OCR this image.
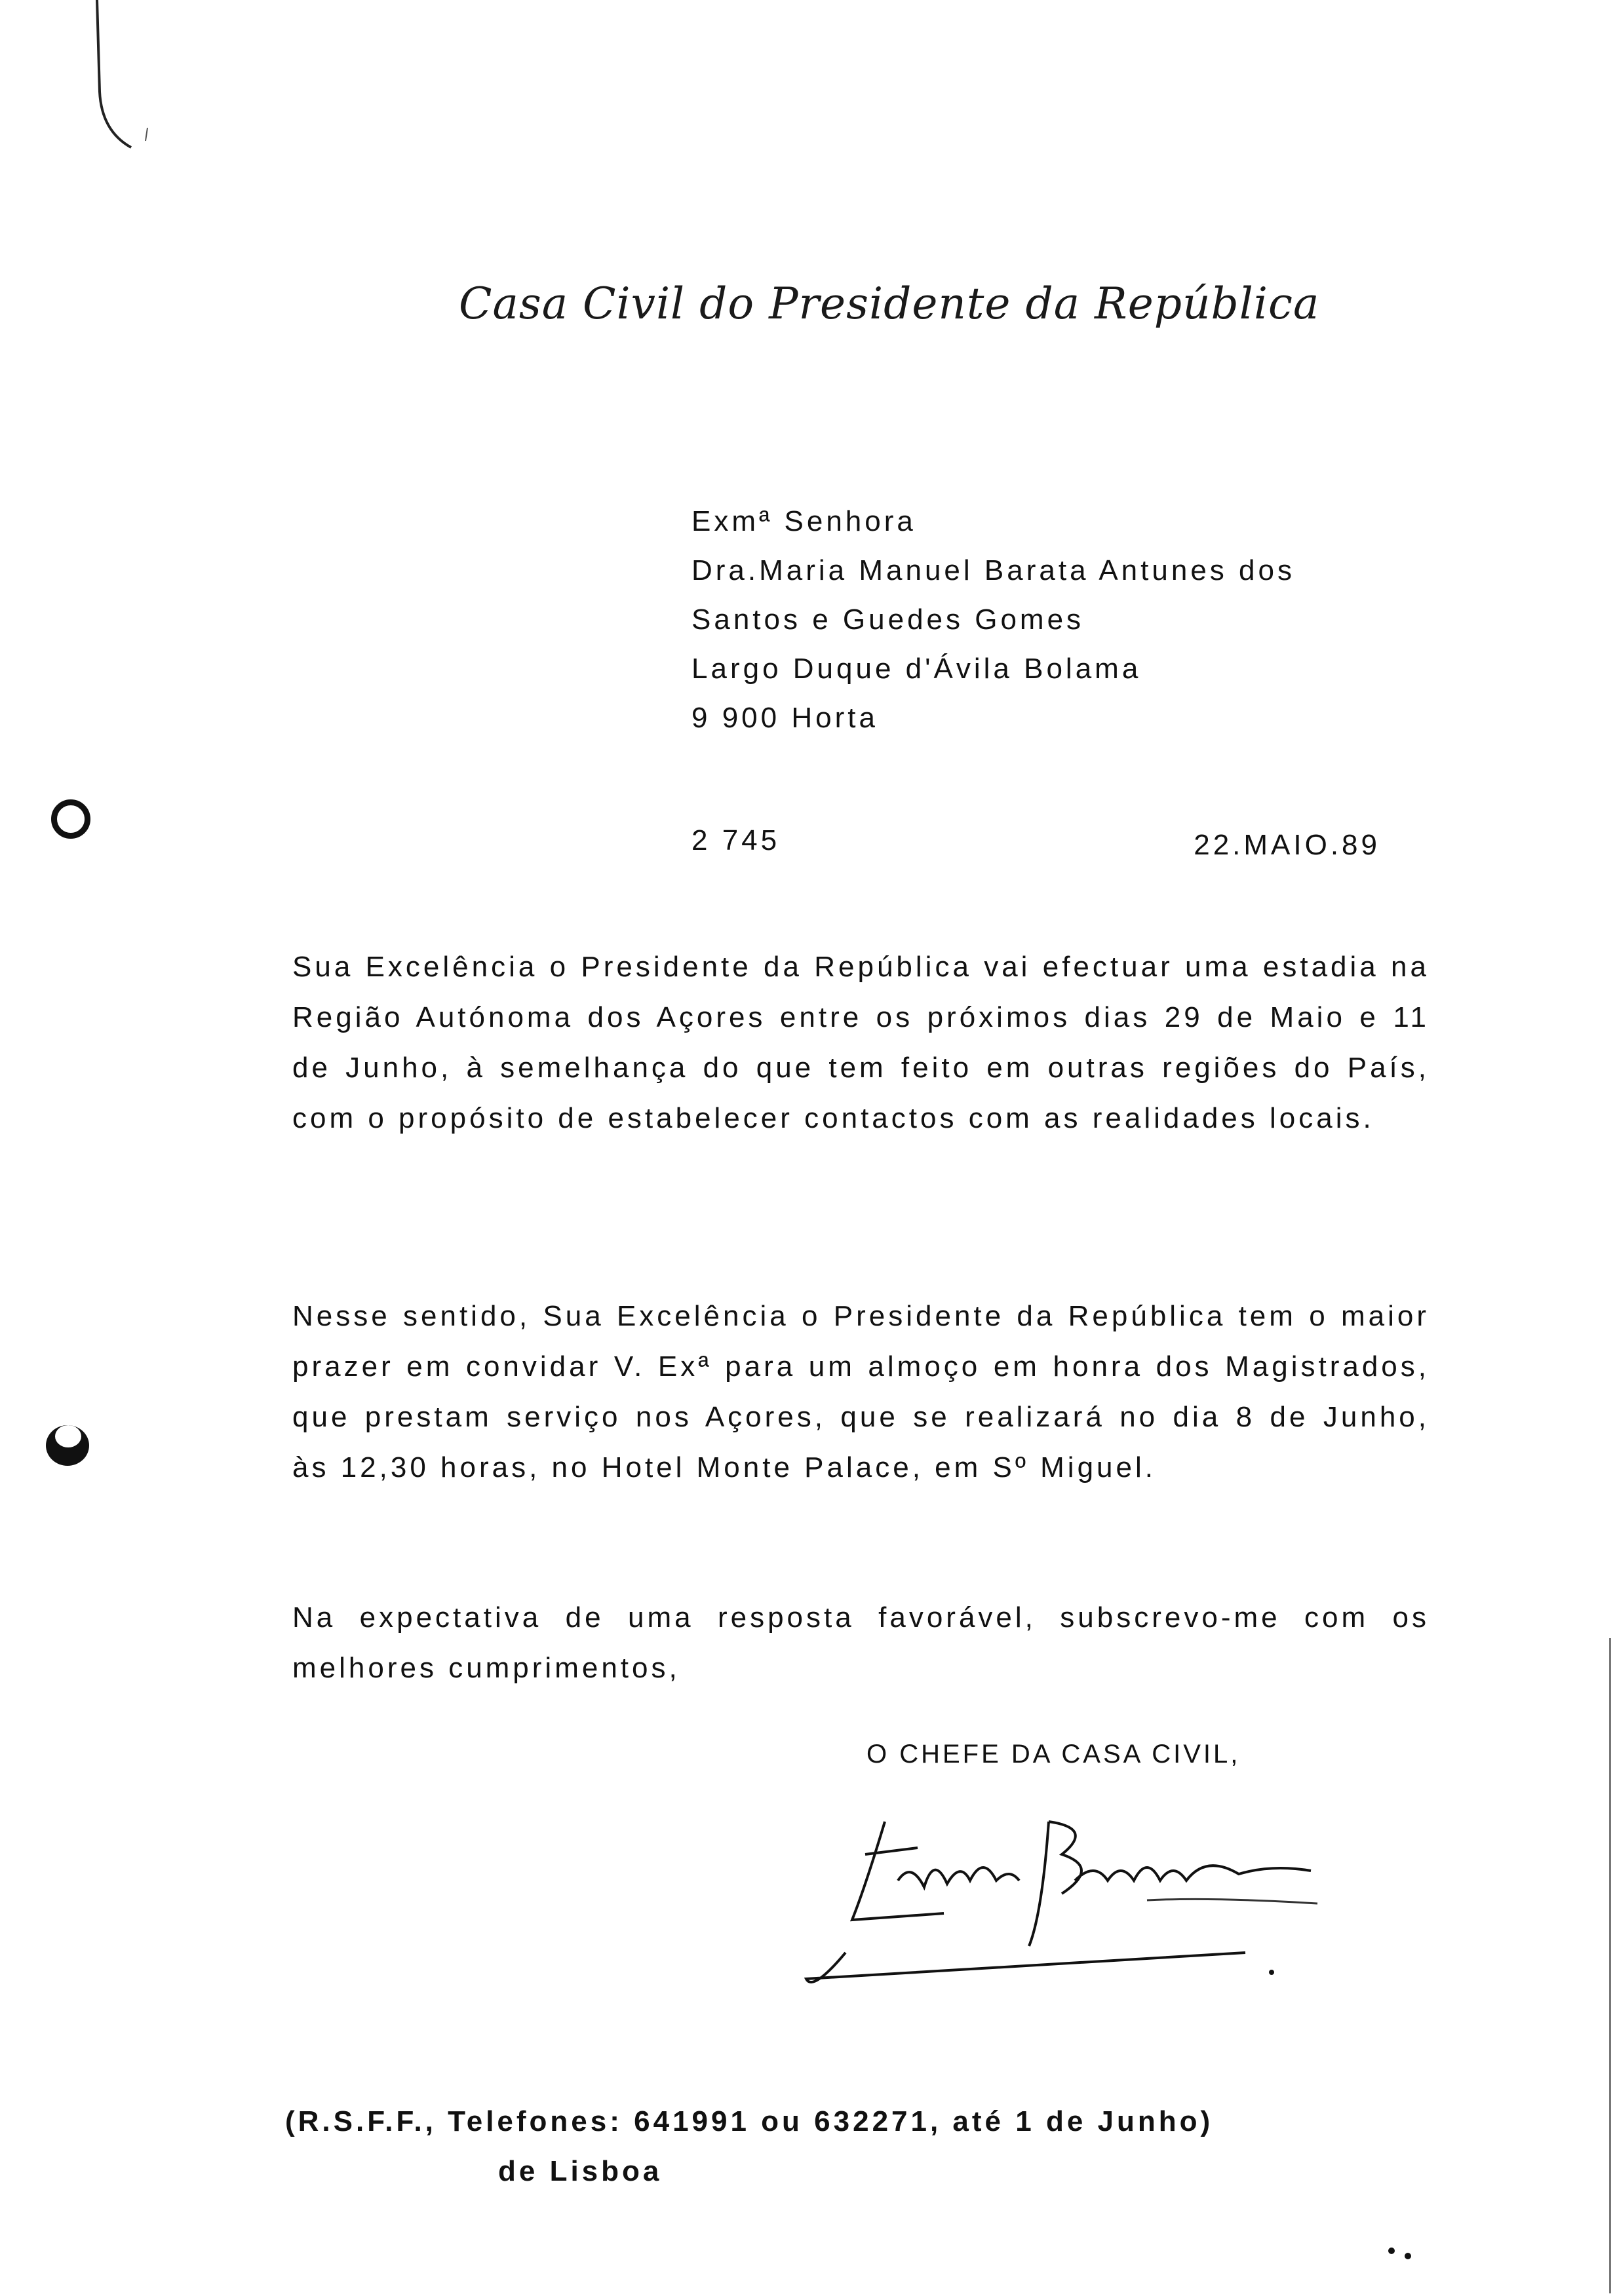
Casa Civil do Presidente da República
Exmª Senhora
Dra.Maria Manuel Barata Antunes dos
Santos e Guedes Gomes
Largo Duque d'Ávila Bolama
9 900 Horta
2 745	22.MAIO.89
Sua Excelência o Presidente da República vai efectuar uma estadia na Região Autónoma dos Açores entre os próximos dias 29 de Maio e 11 de Junho, à semelhança do que tem feito em outras regiões do País, com o propósito de estabelecer contactos com as realidades locais.
Nesse sentido, Sua Excelência o Presidente da República tem o maior prazer em convidar V. Exª para um almoço em honra dos Magistrados, que prestam serviço nos Açores, que se realizará no dia 8 de Junho, às 12,30 horas, no Hotel Monte Palace, em Sº Miguel.
Na expectativa de uma resposta favorável, subscrevo-me com os melhores cumprimentos,
O CHEFE DA CASA CIVIL,
(R.S.F.F., Telefones: 641991 ou 632271, até 1 de Junho)
de Lisboa
